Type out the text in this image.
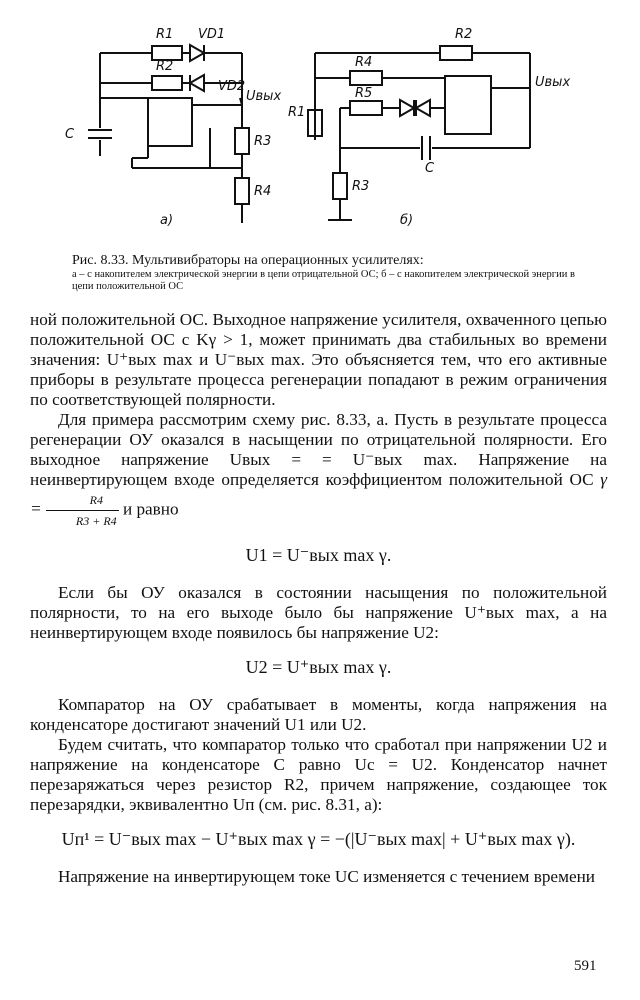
R1 VD1
R2
VD2
Uвых
C	R3
R4
а)
R2
R4
Uвых
R1
R5
C
R3
б)
Рис. 8.33. Мультивибраторы на операционных усилителях:
а – с накопителем электрической энергии в цепи отрицательной ОС; б – с накопителем электрической энергии в цепи положительной ОС

ной положительной ОС. Выходное напряжение усилителя, охваченного цепью положительной ОС с Kγ > 1, может принимать два стабильных во времени значения: U⁺вых max и U⁻вых max. Это объясняется тем, что его активные приборы в результате процесса регенерации попадают в режим ограничения по соответствующей полярности.

Для примера рассмотрим схему рис. 8.33, а. Пусть в результате процесса регенерации ОУ оказался в насыщении по отрицательной полярности. Его выходное напряжение Uвых = = U⁻вых max. Напряжение на неинвертирующем входе определяется коэффициентом положительной ОС $\gamma = \frac{R4}{R3 + R4}$ и равно

U1 = U⁻вых max γ.

Если бы ОУ оказался в состоянии насыщения по положительной полярности, то на его выходе было бы напряжение U⁺вых max, а на неинвертирующем входе появилось бы напряжение U2:

U2 = U⁺вых max γ.

Компаратор на ОУ срабатывает в моменты, когда напряжения на конденсаторе достигают значений U1 или U2.

Будем считать, что компаратор только что сработал при напряжении U2 и напряжение на конденсаторе C равно Uc = U2. Конденсатор начнет перезаряжаться через резистор R2, причем напряжение, создающее ток перезарядки, эквивалентно Uп (см. рис. 8.31, а):

Uп¹ = U⁻вых max − U⁺вых max γ = −(|U⁻вых max| + U⁺вых max γ).

Напряжение на инвертирующем токе UC изменяется с течением времени

591
